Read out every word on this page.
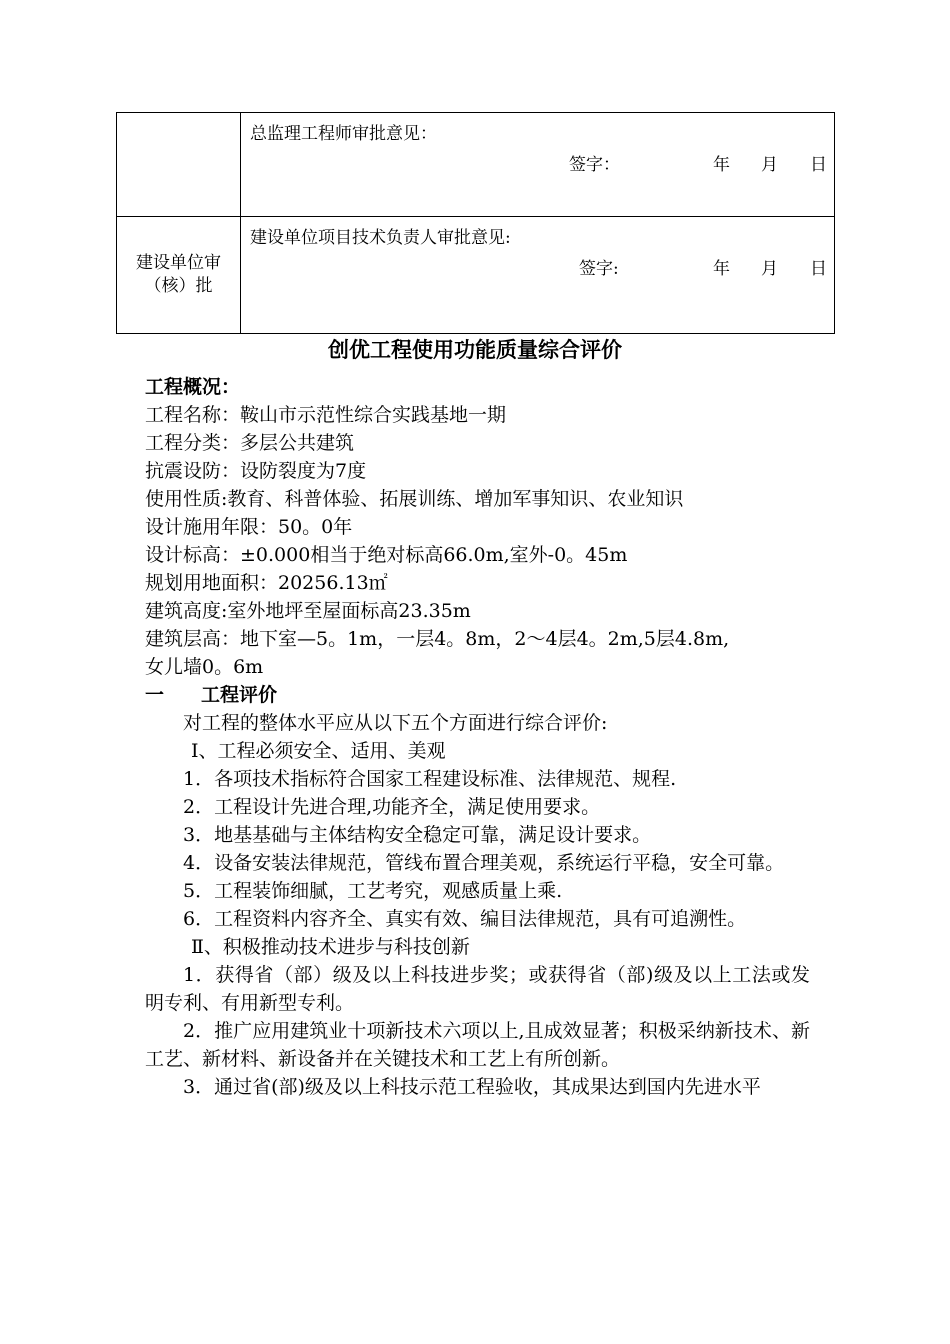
总监理工程师审批意见：
签字：	年 月 日
建设单位审（核）批
建设单位项目技术负责人审批意见:
签字:	年 月 日
创优工程使用功能质量综合评价

工程概况：

工程名称：鞍山市示范性综合实践基地一期

工程分类：多层公共建筑

抗震设防：设防裂度为7度

使用性质:教育、科普体验、拓展训练、增加军事知识、农业知识

设计施用年限：50。0年

设计标高：±0.000相当于绝对标高66.0m,室外-0。45m

规划用地面积：20256.13㎡

建筑高度:室外地坪至屋面标高23.35m

建筑层高：地下室—5。1m，一层4。8m，2～4层4。2m,5层4.8m,

女儿墙0。6m

一 工程评价

对工程的整体水平应从以下五个方面进行综合评价:

Ⅰ、工程必须安全、适用、美观

1．各项技术指标符合国家工程建设标准、法律规范、规程.

2．工程设计先进合理,功能齐全，满足使用要求。

3．地基基础与主体结构安全稳定可靠，满足设计要求。

4．设备安装法律规范，管线布置合理美观，系统运行平稳，安全可靠。

5．工程装饰细腻，工艺考究，观感质量上乘.

6．工程资料内容齐全、真实有效、编目法律规范，具有可追溯性。

Ⅱ、积极推动技术进步与科技创新

1．获得省（部）级及以上科技进步奖；或获得省（部)级及以上工法或发明专利、有用新型专利。

2．推广应用建筑业十项新技术六项以上,且成效显著；积极采纳新技术、新工艺、新材料、新设备并在关键技术和工艺上有所创新。

3．通过省(部)级及以上科技示范工程验收，其成果达到国内先进水平
